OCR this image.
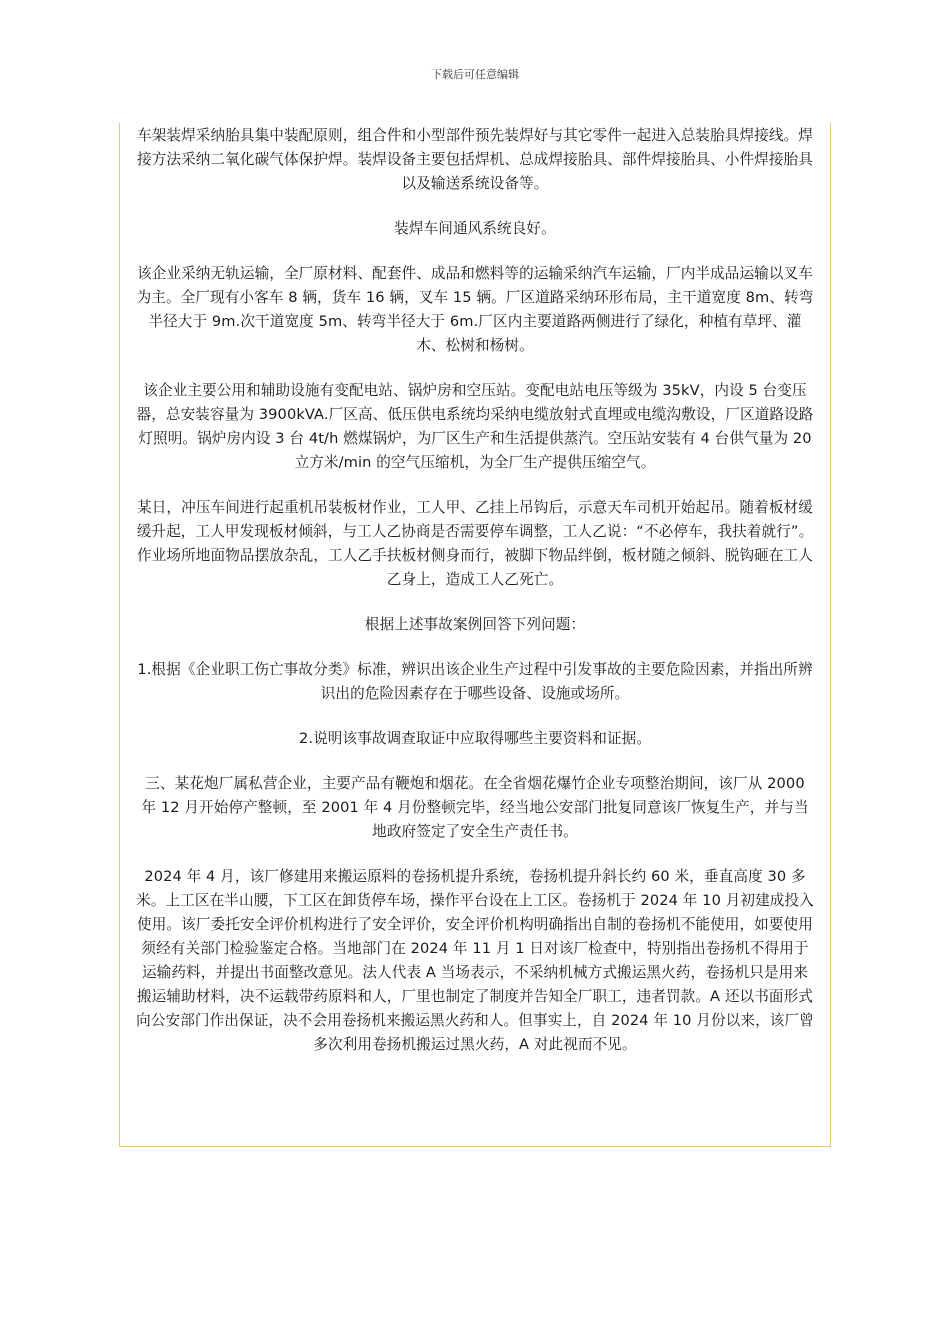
下载后可任意编辑

车架装焊采纳胎具集中装配原则，组合件和小型部件预先装焊好与其它零件一起进入总装胎具焊接线。焊接方法采纳二氧化碳气体保护焊。装焊设备主要包括焊机、总成焊接胎具、部件焊接胎具、小件焊接胎具以及输送系统设备等。

装焊车间通风系统良好。

该企业采纳无轨运输，全厂原材料、配套件、成品和燃料等的运输采纳汽车运输，厂内半成品运输以叉车为主。全厂现有小客车 8 辆，货车 16 辆，叉车 15 辆。厂区道路采纳环形布局，主干道宽度 8m、转弯半径大于 9m.次干道宽度 5m、转弯半径大于 6m.厂区内主要道路两侧进行了绿化，种植有草坪、灌木、松树和杨树。

该企业主要公用和辅助设施有变配电站、锅炉房和空压站。变配电站电压等级为 35kV，内设 5 台变压器，总安装容量为 3900kVA.厂区高、低压供电系统均采纳电缆放射式直埋或电缆沟敷设，厂区道路设路灯照明。锅炉房内设 3 台 4t/h 燃煤锅炉，为厂区生产和生活提供蒸汽。空压站安装有 4 台供气量为 20 立方米/min 的空气压缩机，为全厂生产提供压缩空气。

某日，冲压车间进行起重机吊装板材作业，工人甲、乙挂上吊钩后，示意天车司机开始起吊。随着板材缓缓升起，工人甲发现板材倾斜，与工人乙协商是否需要停车调整，工人乙说：“不必停车，我扶着就行”。作业场所地面物品摆放杂乱，工人乙手扶板材侧身而行，被脚下物品绊倒，板材随之倾斜、脱钩砸在工人乙身上，造成工人乙死亡。

根据上述事故案例回答下列问题：

1.根据《企业职工伤亡事故分类》标准，辨识出该企业生产过程中引发事故的主要危险因素，并指出所辨识出的危险因素存在于哪些设备、设施或场所。

2.说明该事故调查取证中应取得哪些主要资料和证据。

三、某花炮厂属私营企业，主要产品有鞭炮和烟花。在全省烟花爆竹企业专项整治期间，该厂从 2000 年 12 月开始停产整顿，至 2001 年 4 月份整顿完毕，经当地公安部门批复同意该厂恢复生产，并与当地政府签定了安全生产责任书。

2024 年 4 月，该厂修建用来搬运原料的卷扬机提升系统，卷扬机提升斜长约 60 米，垂直高度 30 多米。上工区在半山腰，下工区在卸货停车场，操作平台设在上工区。卷扬机于 2024 年 10 月初建成投入使用。该厂委托安全评价机构进行了安全评价，安全评价机构明确指出自制的卷扬机不能使用，如要使用须经有关部门检验鉴定合格。当地部门在 2024 年 11 月 1 日对该厂检查中，特别指出卷扬机不得用于运输药料，并提出书面整改意见。法人代表 A 当场表示，不采纳机械方式搬运黑火药，卷扬机只是用来搬运辅助材料，决不运载带药原料和人，厂里也制定了制度并告知全厂职工，违者罚款。A 还以书面形式向公安部门作出保证，决不会用卷扬机来搬运黑火药和人。但事实上，自 2024 年 10 月份以来，该厂曾多次利用卷扬机搬运过黑火药，A 对此视而不见。
